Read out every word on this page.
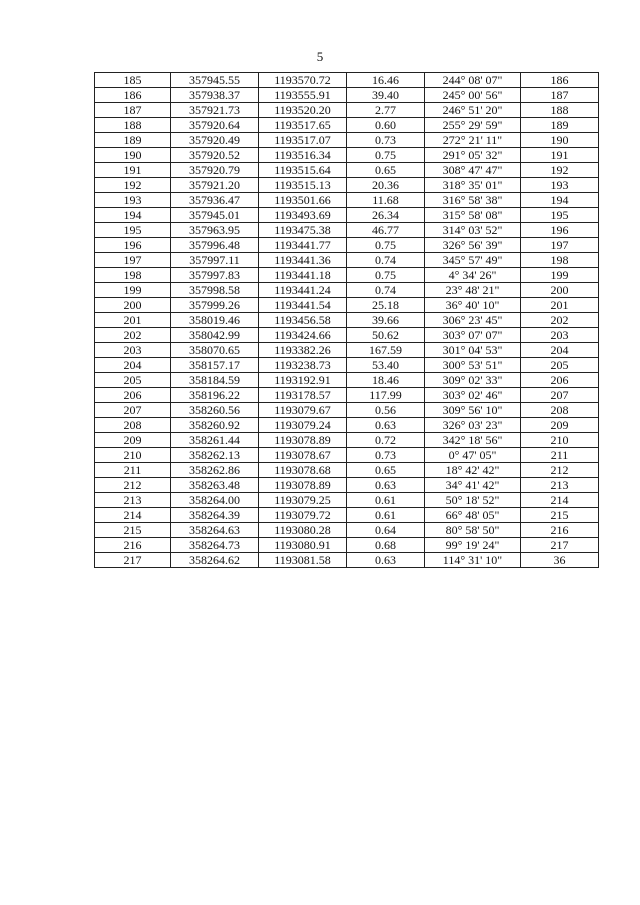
5
185	357945.55	1193570.72	16.46	244° 08' 07"	186
186	357938.37	1193555.91	39.40	245° 00' 56"	187
187	357921.73	1193520.20	2.77	246° 51' 20"	188
188	357920.64	1193517.65	0.60	255° 29' 59"	189
189	357920.49	1193517.07	0.73	272° 21' 11"	190
190	357920.52	1193516.34	0.75	291° 05' 32"	191
191	357920.79	1193515.64	0.65	308° 47' 47"	192
192	357921.20	1193515.13	20.36	318° 35' 01"	193
193	357936.47	1193501.66	11.68	316° 58' 38"	194
194	357945.01	1193493.69	26.34	315° 58' 08"	195
195	357963.95	1193475.38	46.77	314° 03' 52"	196
196	357996.48	1193441.77	0.75	326° 56' 39"	197
197	357997.11	1193441.36	0.74	345° 57' 49"	198
198	357997.83	1193441.18	0.75	4° 34' 26"	199
199	357998.58	1193441.24	0.74	23° 48' 21"	200
200	357999.26	1193441.54	25.18	36° 40' 10"	201
201	358019.46	1193456.58	39.66	306° 23' 45"	202
202	358042.99	1193424.66	50.62	303° 07' 07"	203
203	358070.65	1193382.26	167.59	301° 04' 53"	204
204	358157.17	1193238.73	53.40	300° 53' 51"	205
205	358184.59	1193192.91	18.46	309° 02' 33"	206
206	358196.22	1193178.57	117.99	303° 02' 46"	207
207	358260.56	1193079.67	0.56	309° 56' 10"	208
208	358260.92	1193079.24	0.63	326° 03' 23"	209
209	358261.44	1193078.89	0.72	342° 18' 56"	210
210	358262.13	1193078.67	0.73	0° 47' 05"	211
211	358262.86	1193078.68	0.65	18° 42' 42"	212
212	358263.48	1193078.89	0.63	34° 41' 42"	213
213	358264.00	1193079.25	0.61	50° 18' 52"	214
214	358264.39	1193079.72	0.61	66° 48' 05"	215
215	358264.63	1193080.28	0.64	80° 58' 50"	216
216	358264.73	1193080.91	0.68	99° 19' 24"	217
217	358264.62	1193081.58	0.63	114° 31' 10"	36
